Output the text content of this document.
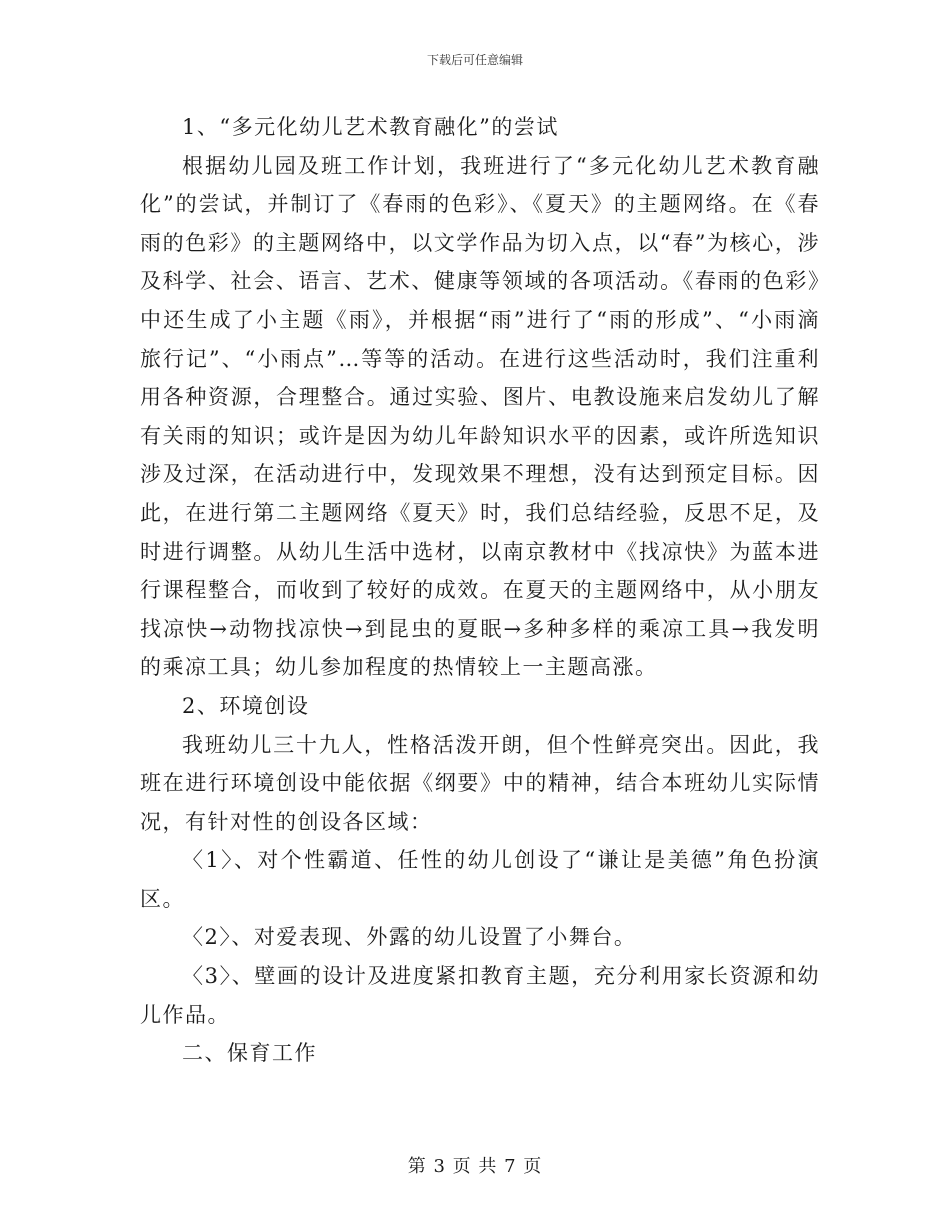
下载后可任意编辑

1、“多元化幼儿艺术教育融化”的尝试

根据幼儿园及班工作计划，我班进行了“多元化幼儿艺术教育融化”的尝试，并制订了《春雨的色彩》、《夏天》的主题网络。在《春雨的色彩》的主题网络中，以文学作品为切入点，以“春”为核心，涉及科学、社会、语言、艺术、健康等领域的各项活动。《春雨的色彩》中还生成了小主题《雨》，并根据“雨”进行了“雨的形成”、“小雨滴旅行记”、“小雨点”…等等的活动。在进行这些活动时，我们注重利用各种资源，合理整合。通过实验、图片、电教设施来启发幼儿了解有关雨的知识；或许是因为幼儿年龄知识水平的因素，或许所选知识涉及过深，在活动进行中，发现效果不理想，没有达到预定目标。因此，在进行第二主题网络《夏天》时，我们总结经验，反思不足，及时进行调整。从幼儿生活中选材，以南京教材中《找凉快》为蓝本进行课程整合，而收到了较好的成效。在夏天的主题网络中，从小朋友找凉快→动物找凉快→到昆虫的夏眠→多种多样的乘凉工具→我发明的乘凉工具；幼儿参加程度的热情较上一主题高涨。

2、环境创设

我班幼儿三十九人，性格活泼开朗，但个性鲜亮突出。因此，我班在进行环境创设中能依据《纲要》中的精神，结合本班幼儿实际情况，有针对性的创设各区域：

〈1〉、对个性霸道、任性的幼儿创设了“谦让是美德”角色扮演区。

〈2〉、对爱表现、外露的幼儿设置了小舞台。

〈3〉、壁画的设计及进度紧扣教育主题，充分利用家长资源和幼儿作品。

二、保育工作

第 3 页 共 7 页
